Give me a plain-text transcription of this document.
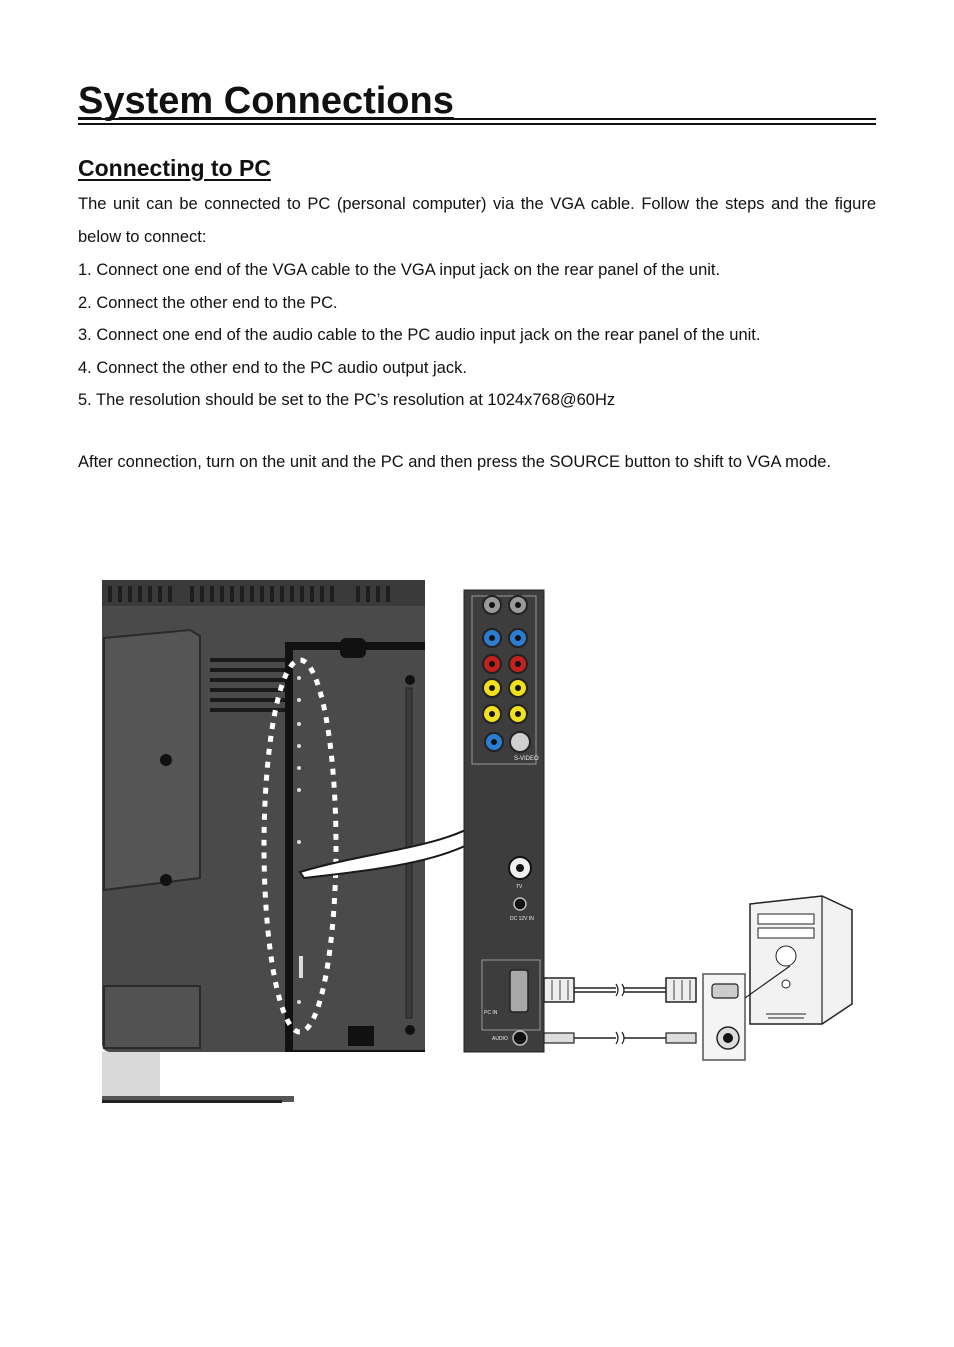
System Connections
Connecting to PC

The unit can be connected to PC (personal computer) via the VGA cable. Follow the steps and the figure below to connect:

1. Connect one end of the VGA cable to the VGA input jack on the rear panel of the unit.
2. Connect the other end to the PC.
3. Connect one end of the audio cable to the PC audio input jack on the rear panel of the unit.
4. Connect the other end to the PC audio output jack.
5. The resolution should be set to the PC’s resolution at 1024x768@60Hz

After connection, turn on the unit and the PC and then press the SOURCE button to shift to VGA mode.

S-VIDEO
TV
DC 12V IN
PC IN
AUDIO
